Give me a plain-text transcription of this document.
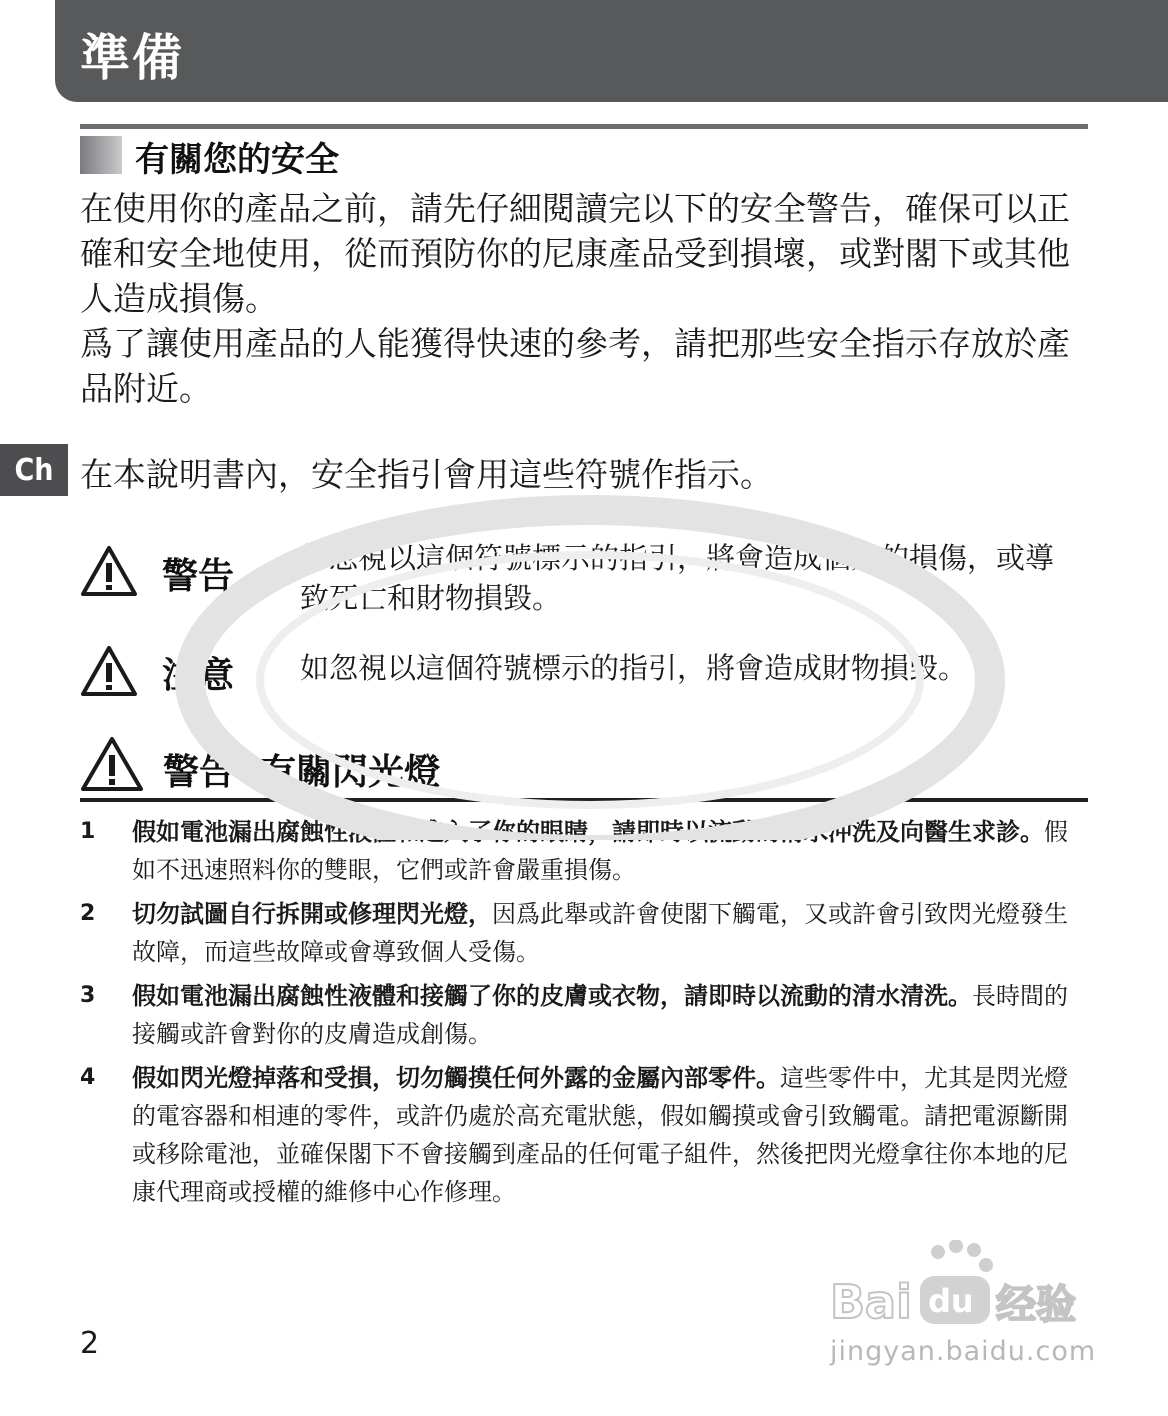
準備
有關您的安全

在使用你的產品之前，請先仔細閱讀完以下的安全警告，確保可以正確和安全地使用，從而預防你的尼康產品受到損壞，或對閣下或其他人造成損傷。

爲了讓使用產品的人能獲得快速的參考，請把那些安全指示存放於產品附近。

Ch 在本說明書內，安全指引會用這些符號作指示。

警告 如忽視以這個符號標示的指引，將會造成個人的損傷，或導致死亡和財物損毀。

注意 如忽視以這個符號標示的指引，將會造成財物損毀。

警告  有關閃光燈
1 假如電池漏出腐蝕性液體和進入了你的眼睛，請即時以流動的清水沖洗及向醫生求診。假如不迅速照料你的雙眼，它們或許會嚴重損傷。
2 切勿試圖自行拆開或修理閃光燈，因爲此舉或許會使閣下觸電，又或許會引致閃光燈發生故障，而這些故障或會導致個人受傷。
3 假如電池漏出腐蝕性液體和接觸了你的皮膚或衣物，請即時以流動的清水清洗。長時間的接觸或許會對你的皮膚造成創傷。
4 假如閃光燈掉落和受損，切勿觸摸任何外露的金屬內部零件。這些零件中，尤其是閃光燈的電容器和相連的零件，或許仍處於高充電狀態，假如觸摸或會引致觸電。請把電源斷開或移除電池，並確保閣下不會接觸到產品的任何電子組件，然後把閃光燈拿往你本地的尼康代理商或授權的維修中心作修理。

2

Bai du 经验
jingyan.baidu.com
